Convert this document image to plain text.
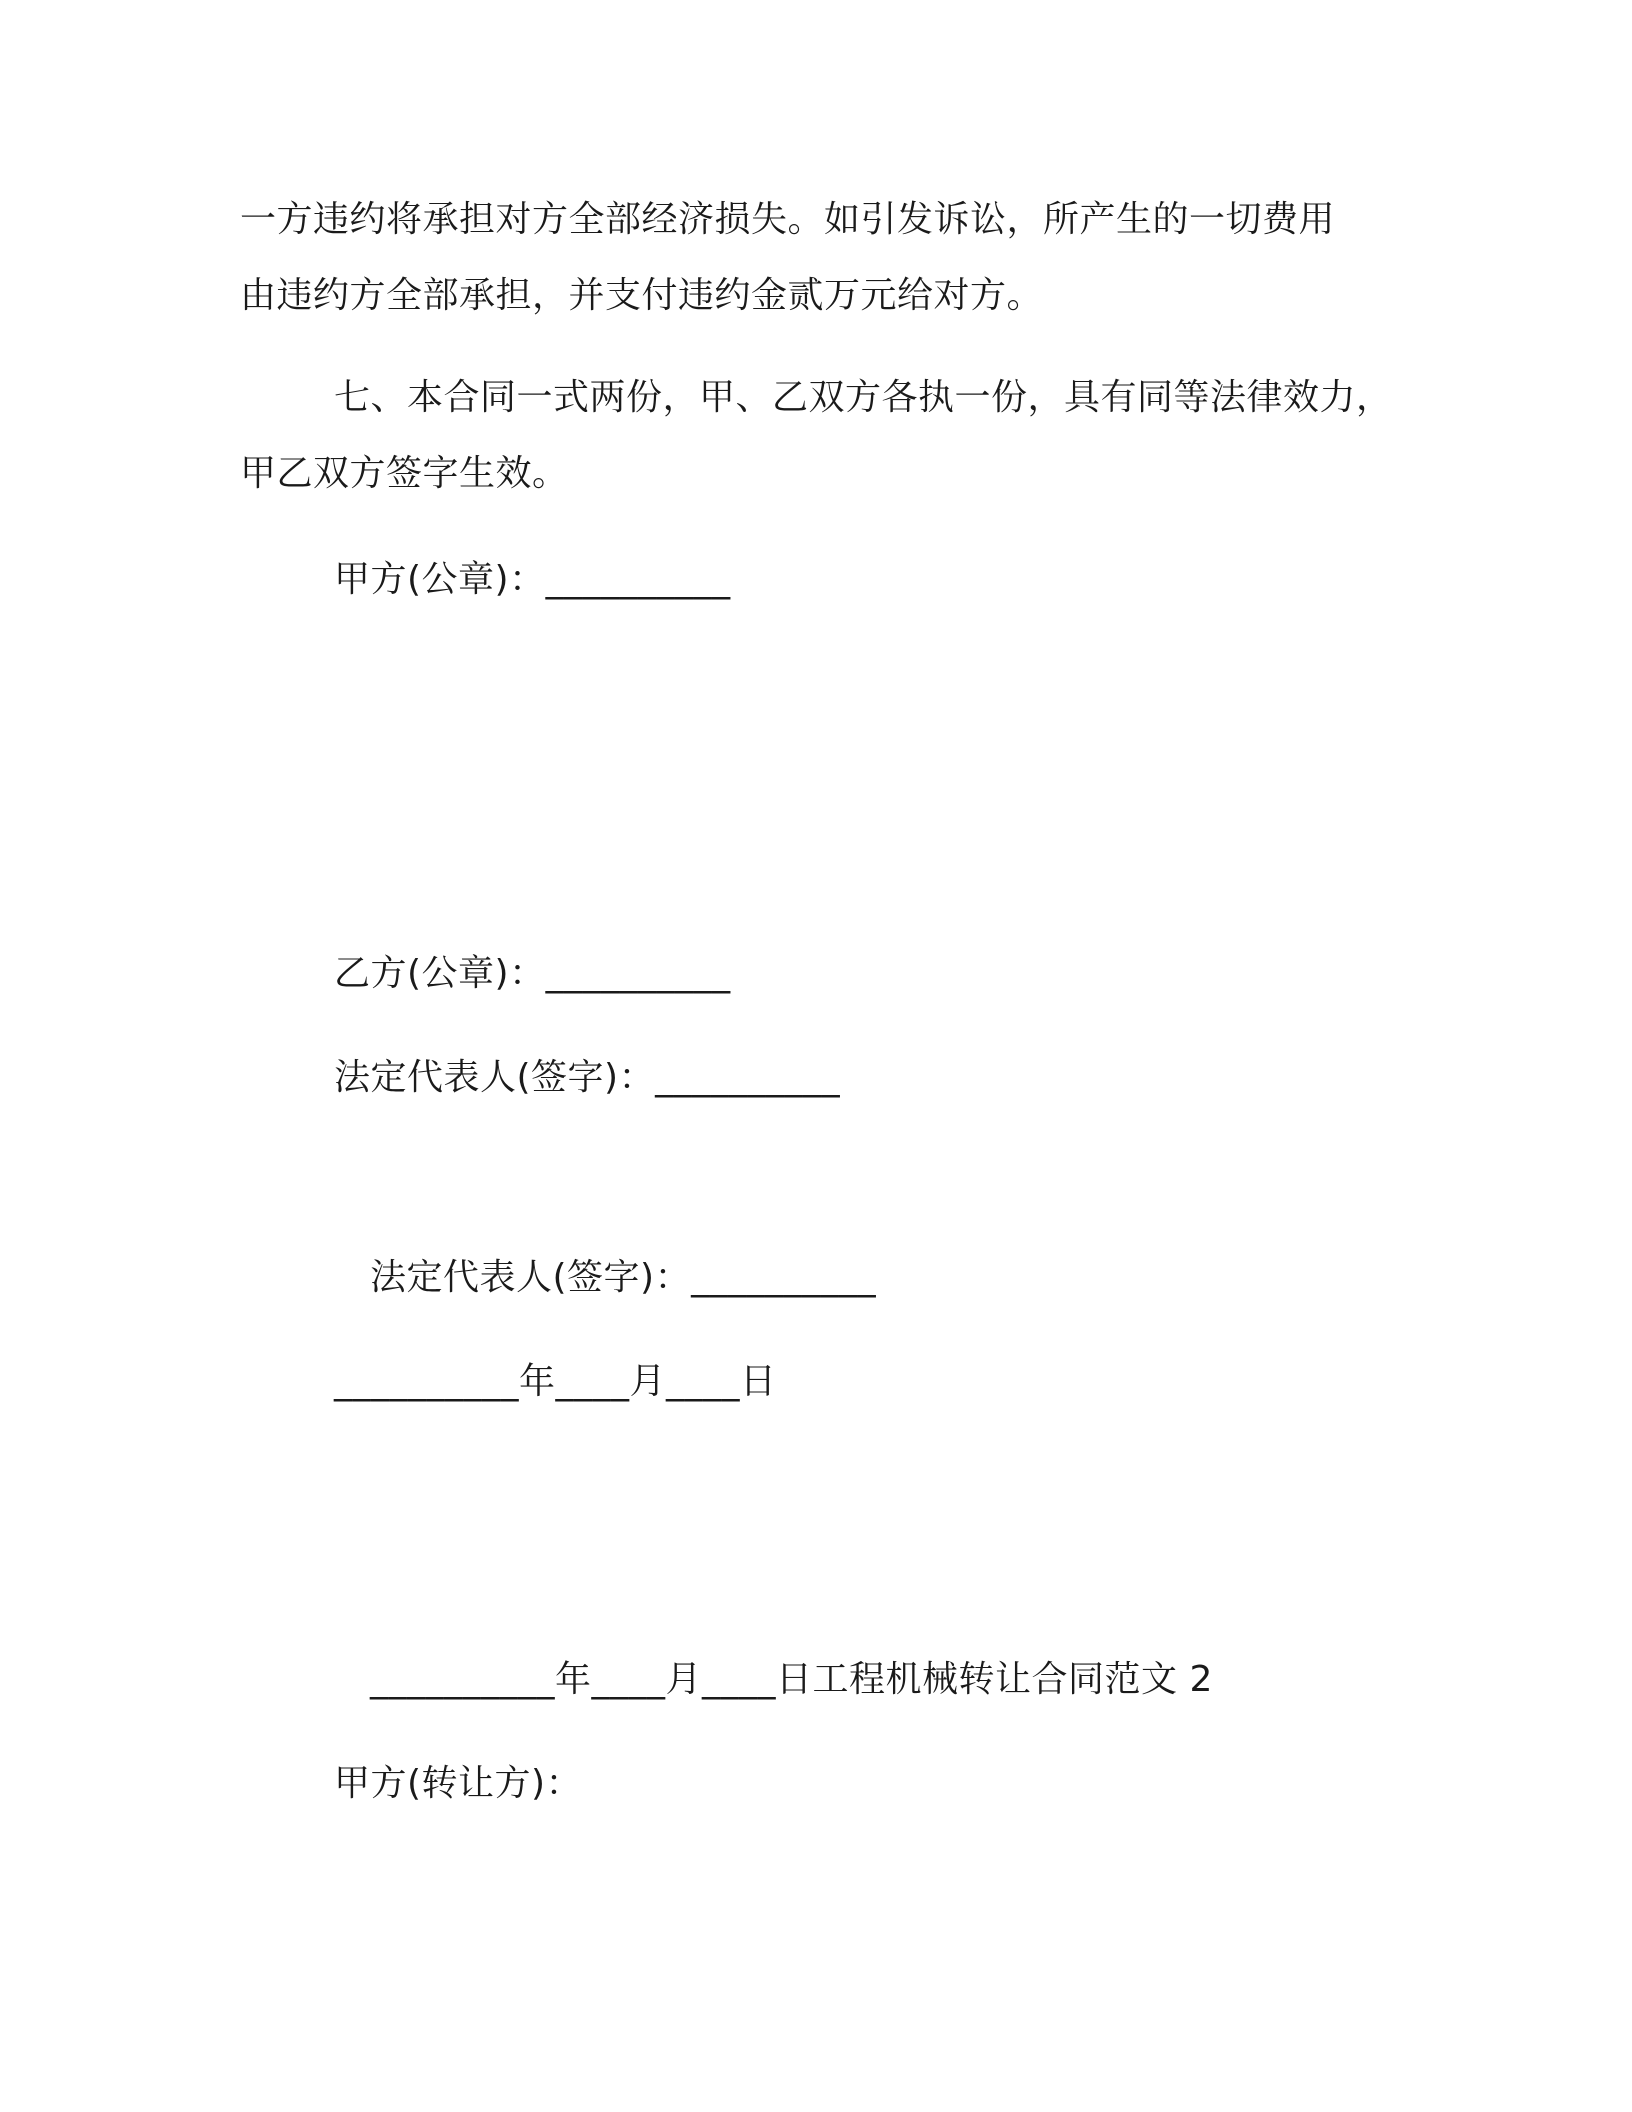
一方违约将承担对方全部经济损失。如引发诉讼，所产生的一切费用
由违约方全部承担，并支付违约金贰万元给对方。
七、本合同一式两份，甲、乙双方各执一份，具有同等法律效力，
甲乙双方签字生效。
甲方(公章)：__________
乙方(公章)：__________
法定代表人(签字)：__________
法定代表人(签字)：__________
__________年____月____日
__________年____月____日工程机械转让合同范文 2
甲方(转让方)：
